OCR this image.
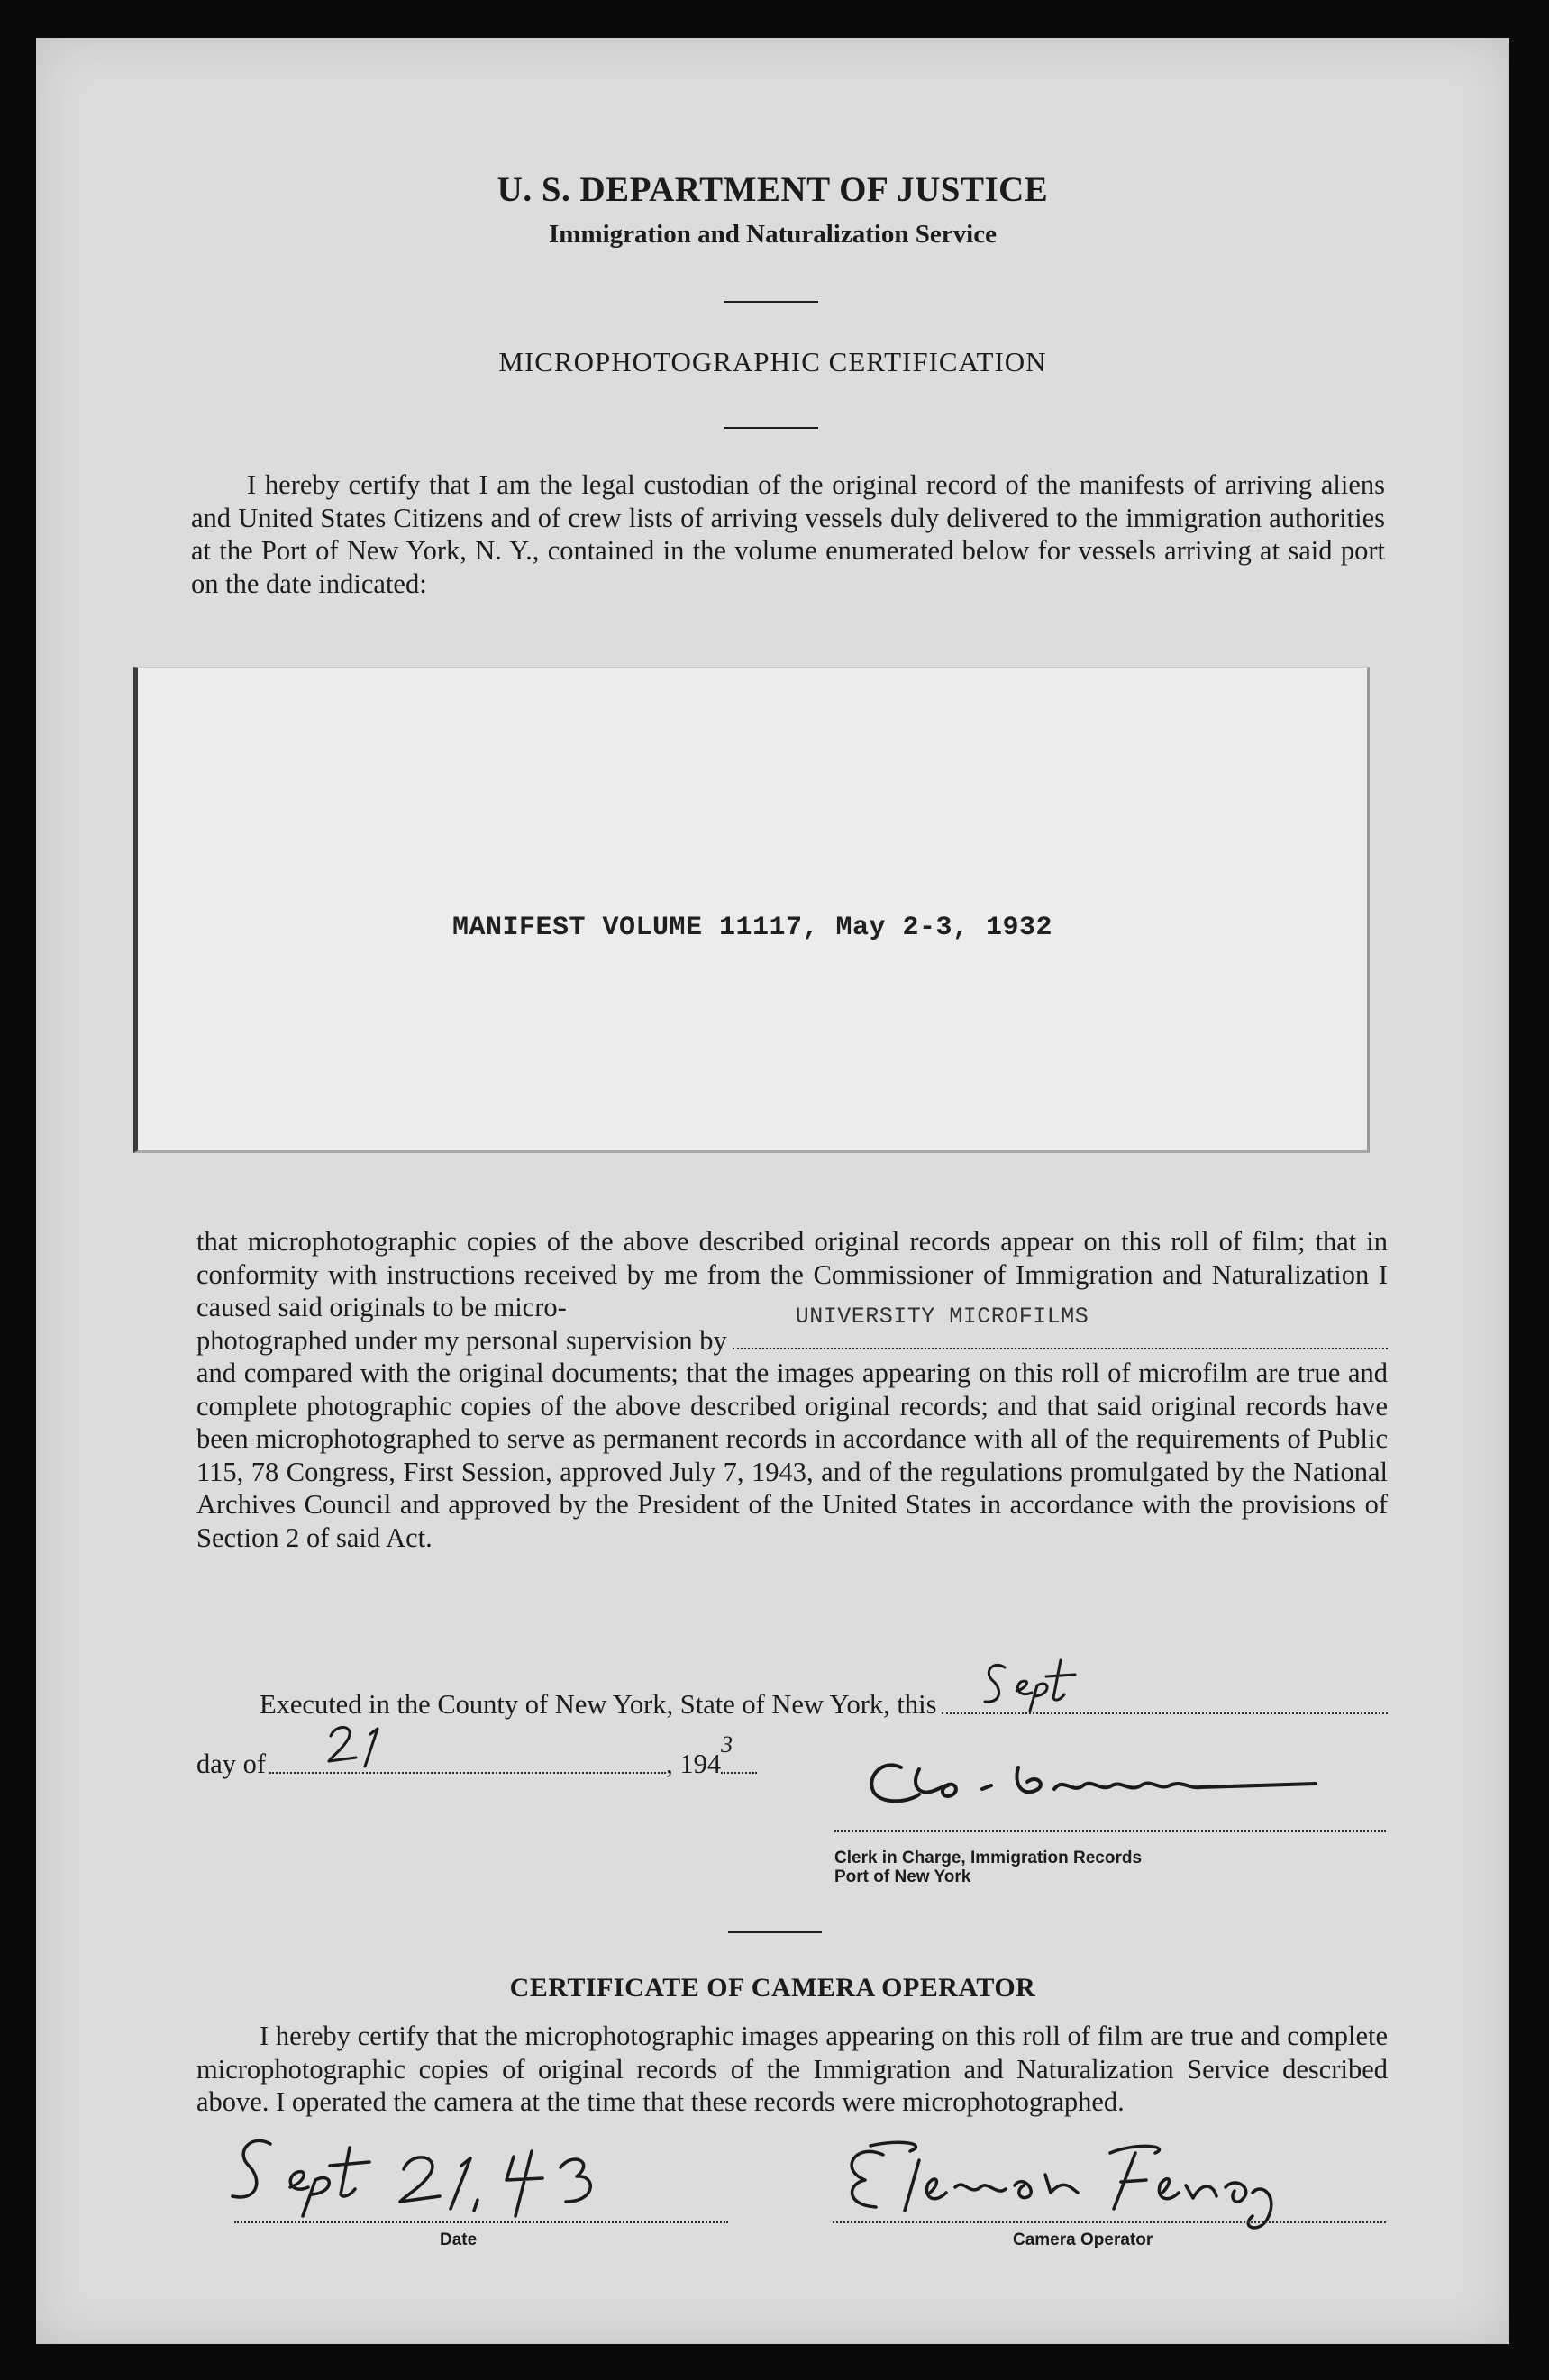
U. S. DEPARTMENT OF JUSTICE
Immigration and Naturalization Service
MICROPHOTOGRAPHIC CERTIFICATION

I hereby certify that I am the legal custodian of the original record of the manifests of arriving aliens and United States Citizens and of crew lists of arriving vessels duly delivered to the immigration authorities at the Port of New York, N. Y., contained in the volume enumerated below for vessels arriving at said port on the date indicated:

MANIFEST VOLUME 11117, May 2-3, 1932

that microphotographic copies of the above described original records appear on this roll of film; that in conformity with instructions received by me from the Commissioner of Immigration and Naturalization I caused said originals to be micro-

photographed under my personal supervision by
UNIVERSITY MICROFILMS

and compared with the original documents; that the images appearing on this roll of microfilm are true and complete photographic copies of the above described original records; and that said original records have been microphotographed to serve as permanent records in accordance with all of the requirements of Public 115, 78 Congress, First Session, approved July 7, 1943, and of the regulations promulgated by the National Archives Council and approved by the President of the United States in accordance with the provisions of Section 2 of said Act.

Executed in the County of New York, State of New York, this
day of	, 194
3
Clerk in Charge, Immigration Records
Port of New York
CERTIFICATE OF CAMERA OPERATOR

I hereby certify that the microphotographic images appearing on this roll of film are true and complete microphotographic copies of original records of the Immigration and Naturalization Service described above. I operated the camera at the time that these records were microphotographed.

Date	Camera Operator
